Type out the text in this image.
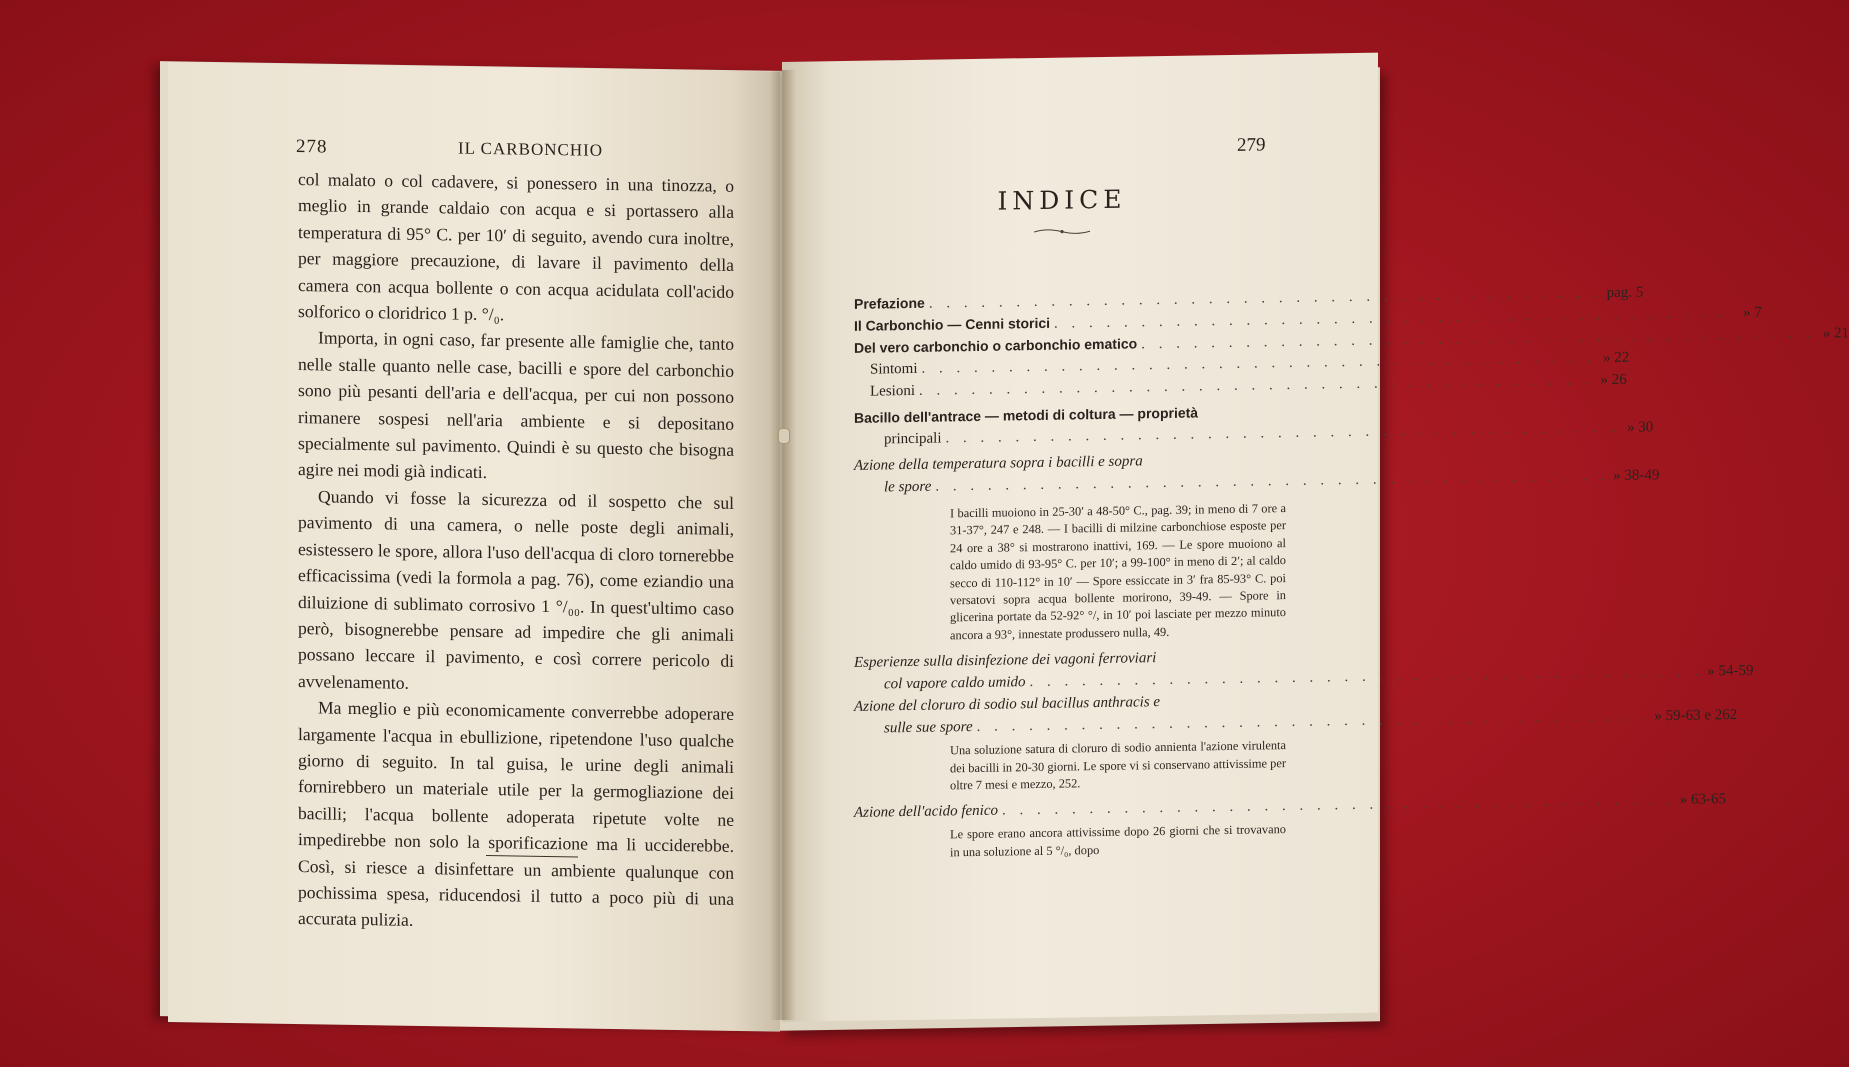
278	IL CARBONCHIO

col malato o col cadavere, si ponessero in una tinozza, o meglio in grande caldaio con acqua e si portassero alla temperatura di 95° C. per 10′ di seguito, avendo cura inoltre, per maggiore precauzione, di lavare il pavimento della camera con acqua bollente o con acqua acidulata coll'acido solforico o cloridrico 1 p. °/₀.

Importa, in ogni caso, far presente alle famiglie che, tanto nelle stalle quanto nelle case, bacilli e spore del carbonchio sono più pesanti dell'aria e dell'acqua, per cui non possono rimanere sospesi nell'aria ambiente e si depositano specialmente sul pavimento. Quindi è su questo che bisogna agire nei modi già indicati.

Quando vi fosse la sicurezza od il sospetto che sul pavimento di una camera, o nelle poste degli animali, esistessero le spore, allora l'uso dell'acqua di cloro tornerebbe efficacissima (vedi la formola a pag. 76), come eziandio una diluizione di sublimato corrosivo 1 °/₀₀. In quest'ultimo caso però, bisognerebbe pensare ad impedire che gli animali possano leccare il pavimento, e così correre pericolo di avvelenamento.

Ma meglio e più economicamente converrebbe adoperare largamente l'acqua in ebullizione, ripetendone l'uso qualche giorno di seguito. In tal guisa, le urine degli animali fornirebbero un materiale utile per la germogliazione dei bacilli; l'acqua bollente adoperata ripetute volte ne impedirebbe non solo la sporificazione ma li ucciderebbe. Così, si riesce a disinfettare un ambiente qualunque con pochissima spesa, riducendosi il tutto a poco più di una accurata pulizia.

279
INDICE
Prefazione . . . . . . . . . . . . . . . . . . . . . . . . . . . . . . . . . . . . . . . pag. 5
Il Carbonchio — Cenni storici . . . . . . . . . . . . . . . . . . . . . . . . . . . . . . . . . . . . . . .	» 7
Del vero carbonchio o carbonchio ematico . . . . . . . . . . . . . . . . . . . . . . . . . . . . . . . . . . . . . . . » 21
Sintomi . . . . . . . . . . . . . . . . . . . . . . . . . . . . . . . . . . . . . . . » 22
Lesioni . . . . . . . . . . . . . . . . . . . . . . . . . . . . . . . . . . . . . . . » 26
Bacillo dell'antrace — metodi di coltura — proprietà
principali . . . . . . . . . . . . . . . . . . . . . . . . . . . . . . . . . . . . . . . » 30
Azione della temperatura sopra i bacilli e sopra
le spore . . . . . . . . . . . . . . . . . . . . . . . . . . . . . . . . . . . . . . . » 38-49
I bacilli muoiono in 25-30′ a 48-50° C., pag. 39; in meno di 7 ore a 31-37°, 247 e 248. — I bacilli di milzine carbonchiose esposte per 24 ore a 38° si mostrarono inattivi, 169. — Le spore muoiono al caldo umido di 93-95° C. per 10′; a 99-100° in meno di 2′; al caldo secco di 110-112° in 10′ — Spore essiccate in 3′ fra 85-93° C. poi versatovi sopra acqua bollente morirono, 39-49. — Spore in glicerina portate da 52-92° °/, in 10′ poi lasciate per mezzo minuto ancora a 93°, innestate produssero nulla, 49.
Esperienze sulla disinfezione dei vagoni ferroviari
col vapore caldo umido . . . . . . . . . . . . . . . . . . . . . . . . . . . . . . . . . . . . . . . » 54-59
Azione del cloruro di sodio sul bacillus anthracis e
sulle sue spore . . . . . . . . . . . . . . . . . . . . . . . . . . . . . . . . . . . . . . . » 59-63 e 262
Una soluzione satura di cloruro di sodio annienta l'azione virulenta dei bacilli in 20-30 giorni. Le spore vi si conservano attivissime per oltre 7 mesi e mezzo, 252.
Azione dell'acido fenico . . . . . . . . . . . . . . . . . . . . . . . . . . . . . . . . . . . . . . . » 63-65
Le spore erano ancora attivissime dopo 26 giorni che si trovavano in una soluzione al 5 °/₀, dopo
